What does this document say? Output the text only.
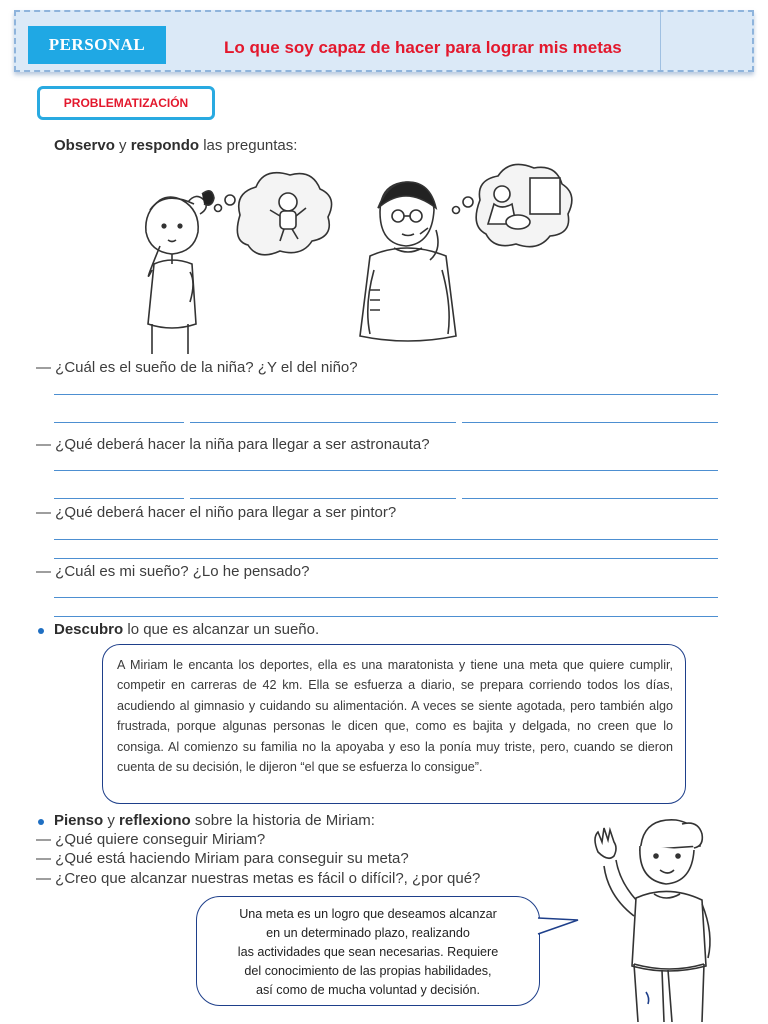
PERSONAL	Lo que soy capaz de hacer para lograr mis metas
PROBLEMATIZACIÓN
Observo y respondo las preguntas:
— ¿Cuál es el sueño de la niña? ¿Y el del niño?
— ¿Qué deberá hacer la niña para llegar a ser astronauta?
— ¿Qué deberá hacer el niño para llegar a ser pintor?
— ¿Cuál es mi sueño? ¿Lo he pensado?
Descubro lo que es alcanzar un sueño.
A Miriam le encanta los deportes, ella es una maratonista y tiene una meta que quiere cumplir, competir en carreras de 42 km. Ella se esfuerza a diario, se prepara corriendo todos los días, acudiendo al gimnasio y cuidando su alimentación. A veces se siente agotada, pero también algo frustrada, porque algunas personas le dicen que, como es bajita y delgada, no creen que lo consiga. Al comienzo su familia no la apoyaba y eso la ponía muy triste, pero, cuando se dieron cuenta de su decisión, le dijeron “el que se esfuerza lo consigue”.
Pienso y reflexiono sobre la historia de Miriam:
— ¿Qué quiere conseguir Miriam?
— ¿Qué está haciendo Miriam para conseguir su meta?
— ¿Creo que alcanzar nuestras metas es fácil o difícil?, ¿por qué?
Una meta es un logro que deseamos alcanzar
en un determinado plazo, realizando
las actividades que sean necesarias. Requiere
del conocimiento de las propias habilidades,
así como de mucha voluntad y decisión.
